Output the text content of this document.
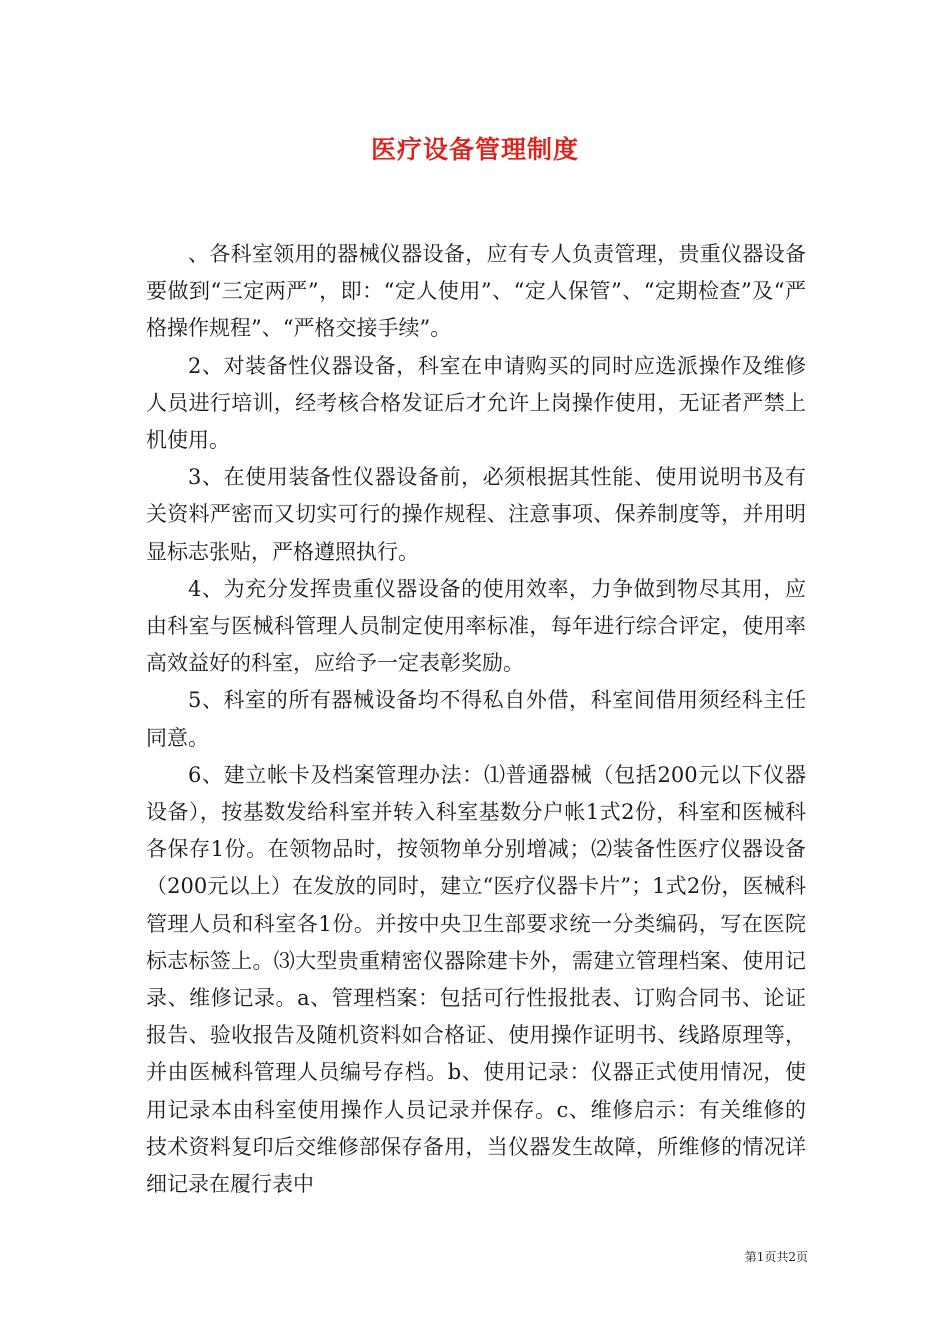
医疗设备管理制度

、各科室领用的器械仪器设备，应有专人负责管理，贵重仪器设备要做到“三定两严”，即：“定人使用”、“定人保管”、“定期检查”及“严格操作规程”、“严格交接手续”。

2、对装备性仪器设备，科室在申请购买的同时应选派操作及维修人员进行培训，经考核合格发证后才允许上岗操作使用，无证者严禁上机使用。

3、在使用装备性仪器设备前，必须根据其性能、使用说明书及有关资料严密而又切实可行的操作规程、注意事项、保养制度等，并用明显标志张贴，严格遵照执行。

4、为充分发挥贵重仪器设备的使用效率，力争做到物尽其用，应由科室与医械科管理人员制定使用率标准，每年进行综合评定，使用率高效益好的科室，应给予一定表彰奖励。

5、科室的所有器械设备均不得私自外借，科室间借用须经科主任同意。

6、建立帐卡及档案管理办法：⑴普通器械（包括200元以下仪器设备），按基数发给科室并转入科室基数分户帐1式2份，科室和医械科各保存1份。在领物品时，按领物单分别增减；⑵装备性医疗仪器设备（200元以上）在发放的同时，建立“医疗仪器卡片”；1式2份，医械科管理人员和科室各1份。并按中央卫生部要求统一分类编码，写在医院标志标签上。⑶大型贵重精密仪器除建卡外，需建立管理档案、使用记录、维修记录。a、管理档案：包括可行性报批表、订购合同书、论证报告、验收报告及随机资料如合格证、使用操作证明书、线路原理等，并由医械科管理人员编号存档。b、使用记录：仪器正式使用情况，使用记录本由科室使用操作人员记录并保存。c、维修启示：有关维修的技术资料复印后交维修部保存备用，当仪器发生故障，所维修的情况详细记录在履行表中

第1页共2页
